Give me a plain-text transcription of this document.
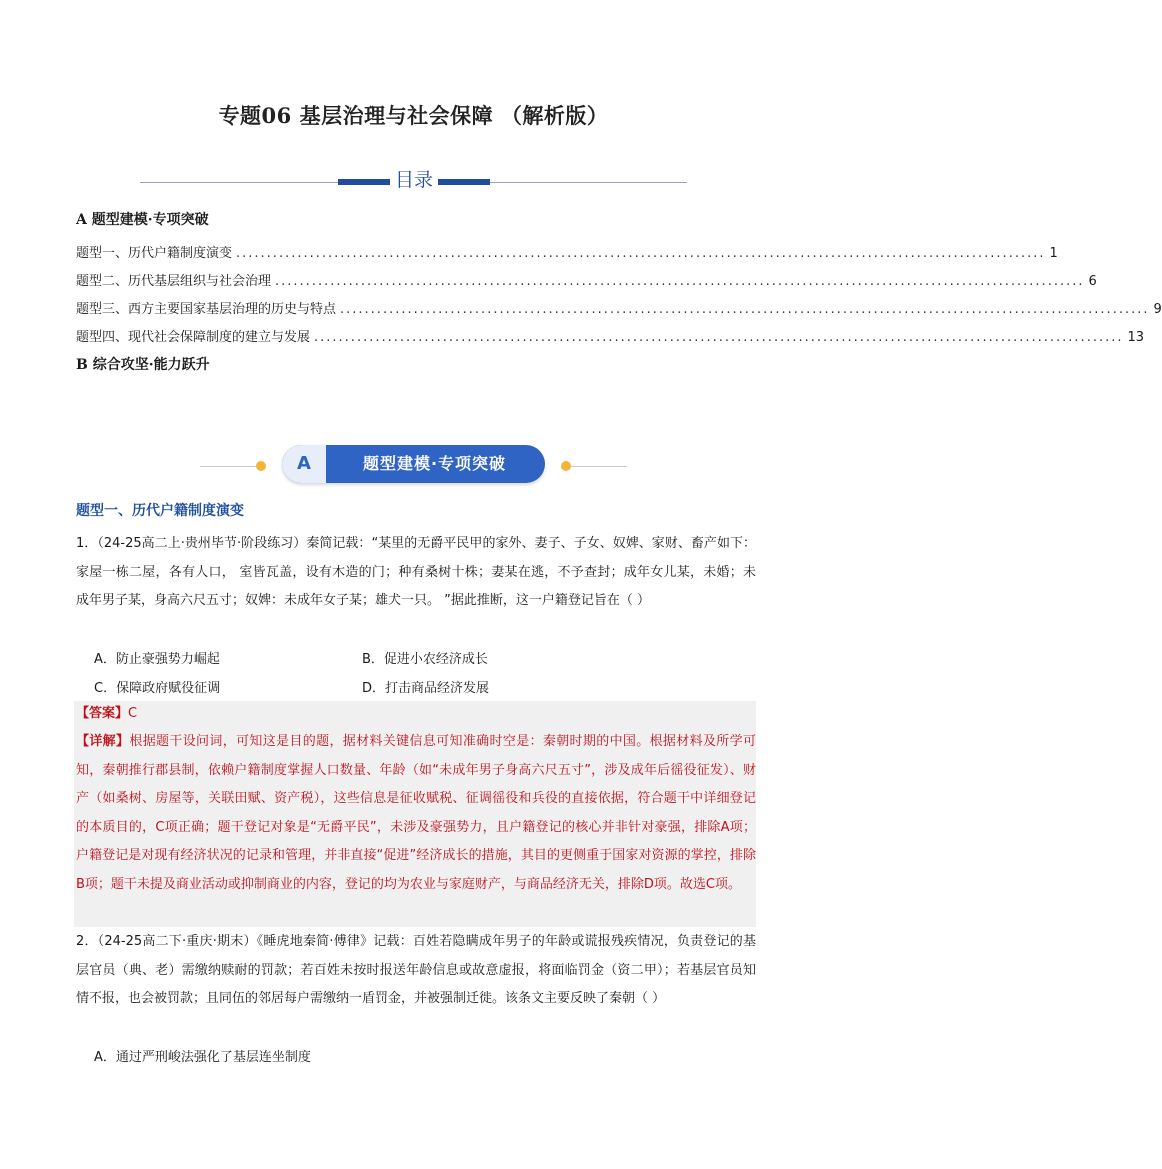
专题06 基层治理与社会保障 （解析版）
目录
A 题型建模·专项突破
题型一、历代户籍制度演变 .................................................................................................................................... 1
题型二、历代基层组织与社会治理 .................................................................................................................................... 6
题型三、西方主要国家基层治理的历史与特点 .................................................................................................................................... 9
题型四、现代社会保障制度的建立与发展 .................................................................................................................................... 13
B 综合攻坚·能力跃升
A	题型建模·专项突破
题型一、历代户籍制度演变
1．（24-25高二上·贵州毕节·阶段练习）秦简记载：“某里的无爵平民甲的家外、妻子、子女、奴婢、家财、畜产如下：家屋一栋二屋，各有人口， 室皆瓦盖，设有木造的门；种有桑树十株；妻某在逃，不予查封；成年女儿某，未婚；未成年男子某，身高六尺五寸；奴婢：未成年女子某；雄犬一只。 ”据此推断，这一户籍登记旨在（ ）
A．防止豪强势力崛起	B．促进小农经济成长
C．保障政府赋役征调	D．打击商品经济发展
【答案】C
【详解】根据题干设问词，可知这是目的题，据材料关键信息可知准确时空是：秦朝时期的中国。根据材料及所学可知，秦朝推行郡县制，依赖户籍制度掌握人口数量、年龄（如“未成年男子身高六尺五寸”，涉及成年后徭役征发）、财产（如桑树、房屋等，关联田赋、资产税），这些信息是征收赋税、征调徭役和兵役的直接依据，符合题干中详细登记的本质目的，C项正确；题干登记对象是“无爵平民”，未涉及豪强势力，且户籍登记的核心并非针对豪强，排除A项；户籍登记是对现有经济状况的记录和管理，并非直接“促进”经济成长的措施，其目的更侧重于国家对资源的掌控，排除B项；题干未提及商业活动或抑制商业的内容，登记的均为农业与家庭财产，与商品经济无关，排除D项。故选C项。
2．（24-25高二下·重庆·期末）《睡虎地秦简·傅律》记载：百姓若隐瞒成年男子的年龄或谎报残疾情况，负责登记的基层官员（典、老）需缴纳赎耐的罚款；若百姓未按时报送年龄信息或故意虚报，将面临罚金（资二甲）；若基层官员知情不报，也会被罚款；且同伍的邻居每户需缴纳一盾罚金，并被强制迁徙。该条文主要反映了秦朝（ ）
A．通过严刑峻法强化了基层连坐制度
